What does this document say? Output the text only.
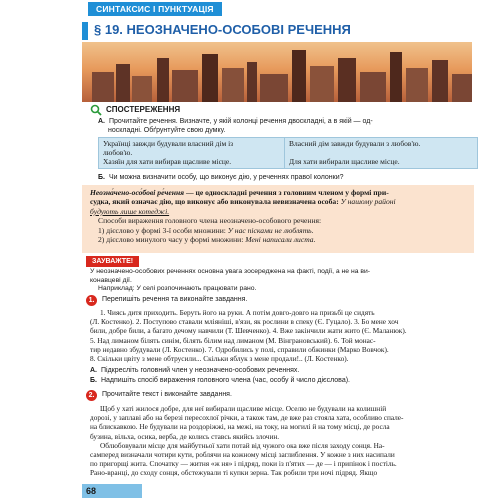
СИНТАКСИС І ПУНКТУАЦІЯ
§ 19. НЕОЗНАЧЕНО-ОСОБОВІ РЕЧЕННЯ
СПОСТЕРЕЖЕННЯ
А. Прочитайте речення. Визначте, у якій колонці речення двоскладні, а в якій — од-
носкладні. Обґрунтуйте свою думку.
Українці завжди будували власний дім із
любов'ю.
Хазяїн для хати вибирав щасливе місце.
Власний дім завжди будували з любов'ю.
Для хати вибирали щасливе місце.
Б. Чи можна визначити особу, що виконує дію, у реченнях правої колонки?
Неозна́чено-осо́бові ре́чення — це односкладні речення з головним членом у формі при-
судка, який означає дію, що виконує або виконувала невизначена особа: У нашому районі
будують лише котеджі.
Способи вираження головного члена неозначено-особового речення:
1) дієслово у формі 3-ї особи множини: У нас пісками не люблять.
2) дієслово минулого часу у формі множини: Мені написали листа.
ЗАУВАЖТЕ!
У неозначено-особових реченнях основна увага зосереджена на факті, події, а не на ви-
конавцеві дії.
Наприклад: У селі розпочинають працювати рано.
1.	Перепишіть речення та виконайте завдання.
1. Чиясь дитя приходить. Беруть його на руки. А потім довго-довго на призьбі це сидять
(Л. Костенко). 2. Поступово ставали мліяніші, в'язи, як рослини в спеку (Є. Гуцало). 3. Бо мене хоч
били, добре били, а багато дечому навчили (Т. Шевченко). 4. Вже закінчили жати жито (Є. Маланюк).
5. Над лиманом білять синім, білять білим над лиманом (М. Вінграновський). 6. Той монас-
тир недавно збудували (Л. Костенко). 7. Одробились у полі, справили обжинки (Марко Вовчок).
8. Скільки цвіту з мене обтрусили... Скільки яблук з мене продали!.. (Л. Костенко).
А. Підкресліть головний член у неозначено-особових реченнях.
Б. Надпишіть спосіб вираження головного члена (час, особу й число дієслова).
2.	Прочитайте текст і виконайте завдання.
Щоб у хаті жилося добре, для неї вибирали щасливе місце. Оселю не будували на колишній
дорозі, у заплаві або на березі пересохлої річки, а також там, де вже раз стояла хата, особливо спале-
на блискавкою. Не будували на роздоріжжі, на межі, на току, на могилі й на тому місці, де росла
бузина, вільха, осика, верба, де колись ставсь якийсь злочин.
Облюбовували місце для майбутньої хати потай від чужого ока вже після заходу сонця. На-
самперед визначали чотири кути, роблячи на кожному місці заглиблення. У кожне з них насипали
по пригорщі жита. Спочатку — житня «ж ня» і підряд, поки із п'ятих — де — і припінок і постіль.
Рано-вранці, до сходу сонця, обстежували ті купки зерна. Так робили три ночі підряд. Якщо
68
